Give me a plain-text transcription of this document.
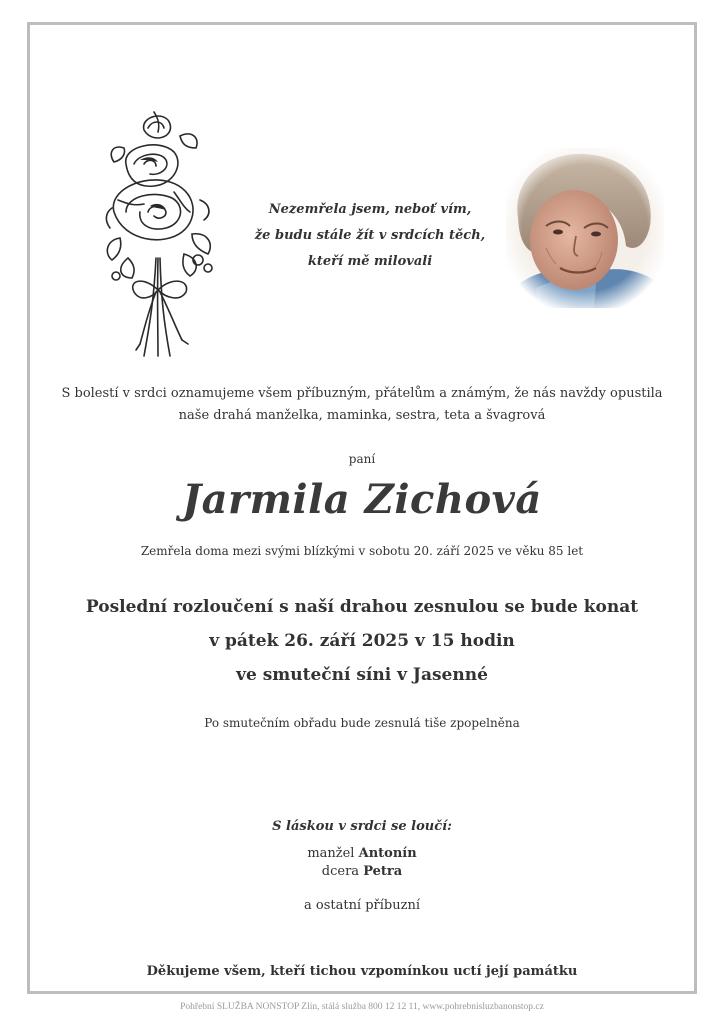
Nezemřela jsem, neboť vím,
že budu stále žít v srdcích těch,
kteří mě milovali
S bolestí v srdci oznamujeme všem příbuzným, přátelům a známým, že nás navždy opustila
naše drahá manželka, maminka, sestra, teta a švagrová
paní
Jarmila Zichová
Zemřela doma mezi svými blízkými v sobotu 20. září 2025 ve věku 85 let
Poslední rozloučení s naší drahou zesnulou se bude konat
v pátek 26. září 2025 v 15 hodin
ve smuteční síni v Jasenné
Po smutečním obřadu bude zesnulá tiše zpopelněna
S láskou v srdci se loučí:
manžel Antonín
dcera Petra
a ostatní příbuzní
Děkujeme všem, kteří tichou vzpomínkou uctí její památku
Pohřební SLUŽBA NONSTOP Zlín, stálá služba 800 12 12 11, www.pohrebnisluzbanonstop.cz
